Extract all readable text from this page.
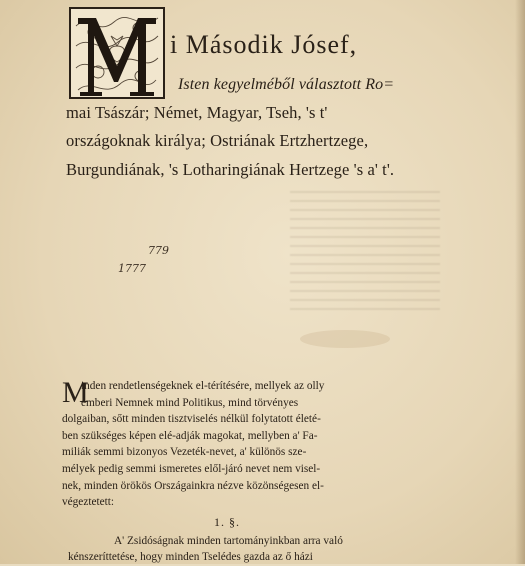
i Második Jósef,

Isten kegyelméből választott Ro=

mai Tsászár; Német, Magyar, Tseh, 's t'

országoknak királya; Ostriának Ertzhertzege,

Burgundiának, 's Lotharingiának Hertzege 's a' t'.

779
1777
M
inden rendetlenségeknek el-térítésére, mellyek az olly
emberi Nemnek mind Politikus, mind törvényes
dolgaiban, sőtt minden tisztviselés nélkül folytatott életé-
ben szükséges képen elé-adják magokat, mellyben a' Fa-
miliák semmi bizonyos Vezeték-nevet, a' különös sze-
mélyek pedig semmi ismeretes elől-járó nevet nem visel-
nek, minden örökös Országainkra nézve közönségesen el-
végeztetett:
1. §.
A' Zsidóságnak minden tartományinkban arra való
kénszeríttetése, hogy minden Tselédes gazda az ő házi
